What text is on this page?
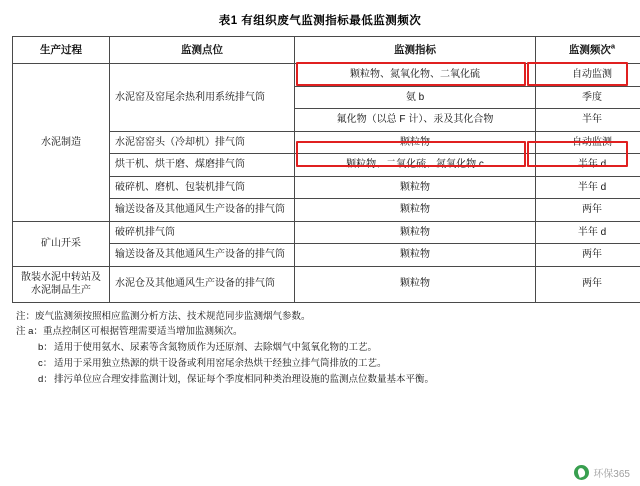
表1 有组织废气监测指标最低监测频次
生产过程	监测点位	监测指标	监测频次$^a$
水泥制造	水泥窑及窑尾余热利用系统排气筒	颗粒物、氮氧化物、二氧化硫	自动监测
		氨 b	季度
		氟化物（以总 F 计）、汞及其化合物	半年
	水泥窑窑头（冷却机）排气筒	颗粒物	自动监测
	烘干机、烘干磨、煤磨排气筒	颗粒物、二氧化硫、氮氧化物 c	半年 d
	破碎机、磨机、包装机排气筒	颗粒物	半年 d
	输送设备及其他通风生产设备的排气筒	颗粒物	两年
矿山开采	破碎机排气筒	颗粒物	半年 d
	输送设备及其他通风生产设备的排气筒	颗粒物	两年
散装水泥中转站及水泥制品生产	水泥仓及其他通风生产设备的排气筒	颗粒物	两年

注：废气监测须按照相应监测分析方法、技术规范同步监测烟气参数。

注 a：重点控制区可根据管理需要适当增加监测频次。

b：适用于使用氨水、尿素等含氮物质作为还原剂、去除烟气中氮氧化物的工艺。

c： 适用于采用独立热源的烘干设备或利用窑尾余热烘干经独立排气筒排放的工艺。

d：排污单位应合理安排监测计划，保证每个季度相同种类治理设施的监测点位数量基本平衡。

环保365
